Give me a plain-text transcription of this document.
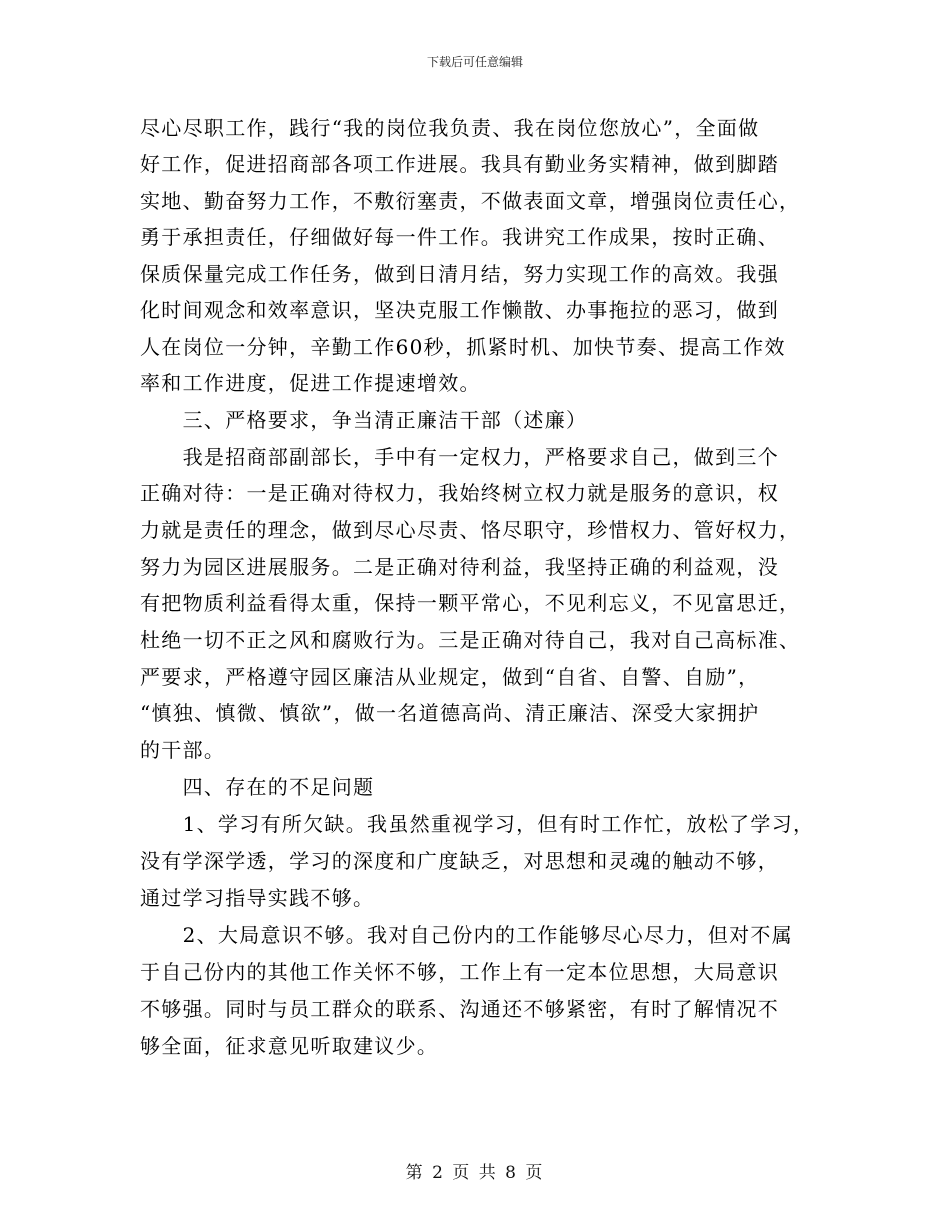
下载后可任意编辑
尽心尽职工作，践行“我的岗位我负责、我在岗位您放心”，全面做
好工作，促进招商部各项工作进展。我具有勤业务实精神，做到脚踏
实地、勤奋努力工作，不敷衍塞责，不做表面文章，增强岗位责任心，
勇于承担责任，仔细做好每一件工作。我讲究工作成果，按时正确、
保质保量完成工作任务，做到日清月结，努力实现工作的高效。我强
化时间观念和效率意识，坚决克服工作懒散、办事拖拉的恶习，做到
人在岗位一分钟，辛勤工作60秒，抓紧时机、加快节奏、提高工作效
率和工作进度，促进工作提速增效。
　　三、严格要求，争当清正廉洁干部（述廉）
　　我是招商部副部长，手中有一定权力，严格要求自己，做到三个
正确对待：一是正确对待权力，我始终树立权力就是服务的意识，权
力就是责任的理念，做到尽心尽责、恪尽职守，珍惜权力、管好权力，
努力为园区进展服务。二是正确对待利益，我坚持正确的利益观，没
有把物质利益看得太重，保持一颗平常心，不见利忘义，不见富思迁，
杜绝一切不正之风和腐败行为。三是正确对待自己，我对自己高标准、
严要求，严格遵守园区廉洁从业规定，做到“自省、自警、自励”，
“慎独、慎微、慎欲”，做一名道德高尚、清正廉洁、深受大家拥护
的干部。
　　四、存在的不足问题
　　1、学习有所欠缺。我虽然重视学习，但有时工作忙，放松了学习，
没有学深学透，学习的深度和广度缺乏，对思想和灵魂的触动不够，
通过学习指导实践不够。
　　2、大局意识不够。我对自己份内的工作能够尽心尽力，但对不属
于自己份内的其他工作关怀不够，工作上有一定本位思想，大局意识
不够强。同时与员工群众的联系、沟通还不够紧密，有时了解情况不
够全面，征求意见听取建议少。
第 2 页 共 8 页
